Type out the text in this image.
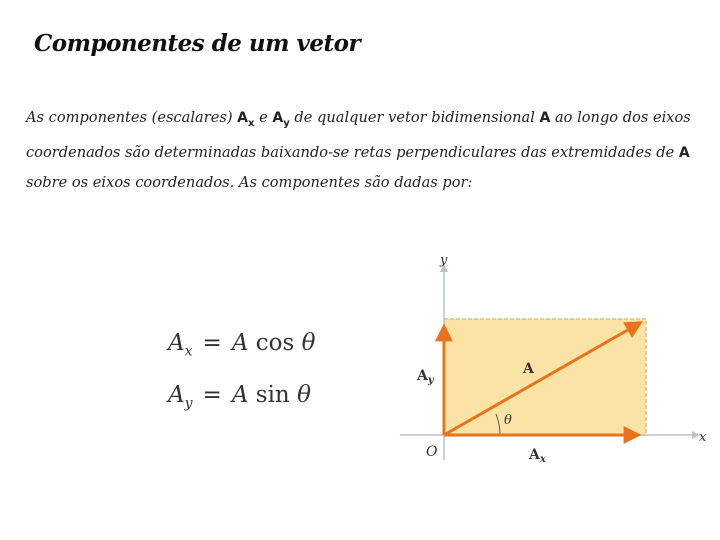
Componentes de um vetor
As componentes (escalares) $A_x$ e $A_y$ de qualquer vetor bidimensional A ao longo dos eixos coordenados são determinadas baixando-se retas perpendiculares das extremidades de A sobre os eixos coordenados. As componentes são dadas por:
$A_x = A$ cos θ
$A_y = A$ sin θ
x
y
O
A
θ
$A_x$
$A_y$
